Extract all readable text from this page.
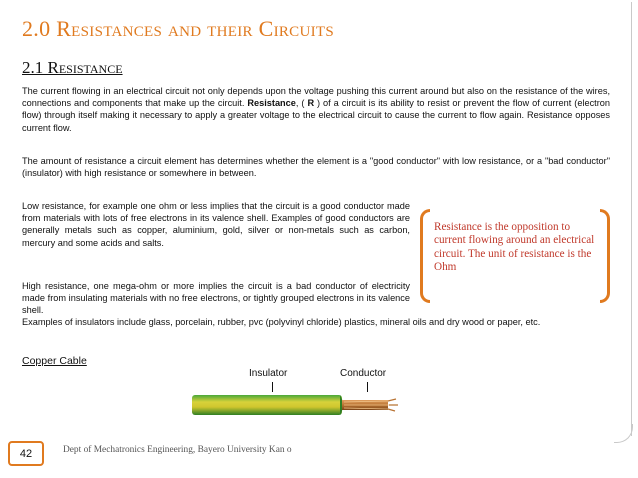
2.0 Resistances and their Circuits
2.1 Resistance
The current flowing in an electrical circuit not only depends upon the voltage pushing this current around but also on the resistance of the wires, connections and components that make up the circuit. Resistance, ( R ) of a circuit is its ability to resist or prevent the flow of current (electron flow) through itself making it necessary to apply a greater voltage to the electrical circuit to cause the current to flow again. Resistance opposes current flow.
The amount of resistance a circuit element has determines whether the element is a "good conductor" with low resistance, or a "bad conductor" (insulator) with high resistance or somewhere in between.
Low resistance, for example one ohm or less implies that the circuit is a good conductor made from materials with lots of free electrons in its valence shell. Examples of good conductors are generally metals such as copper, aluminium, gold, silver or non-metals such as carbon, mercury and some acids and salts.
High resistance, one mega-ohm or more implies the circuit is a bad conductor of electricity made from insulating materials with no free electrons, or tightly grouped electrons in its valence shell.
Examples of insulators include glass, porcelain, rubber, pvc (polyvinyl chloride) plastics, mineral oils and dry wood or paper, etc.
Resistance is the opposition to current flowing around an electrical circuit. The unit of resistance is the Ohm
Copper Cable
Insulator	Conductor
42	Dept of Mechatronics Engineering, Bayero University Kan o
